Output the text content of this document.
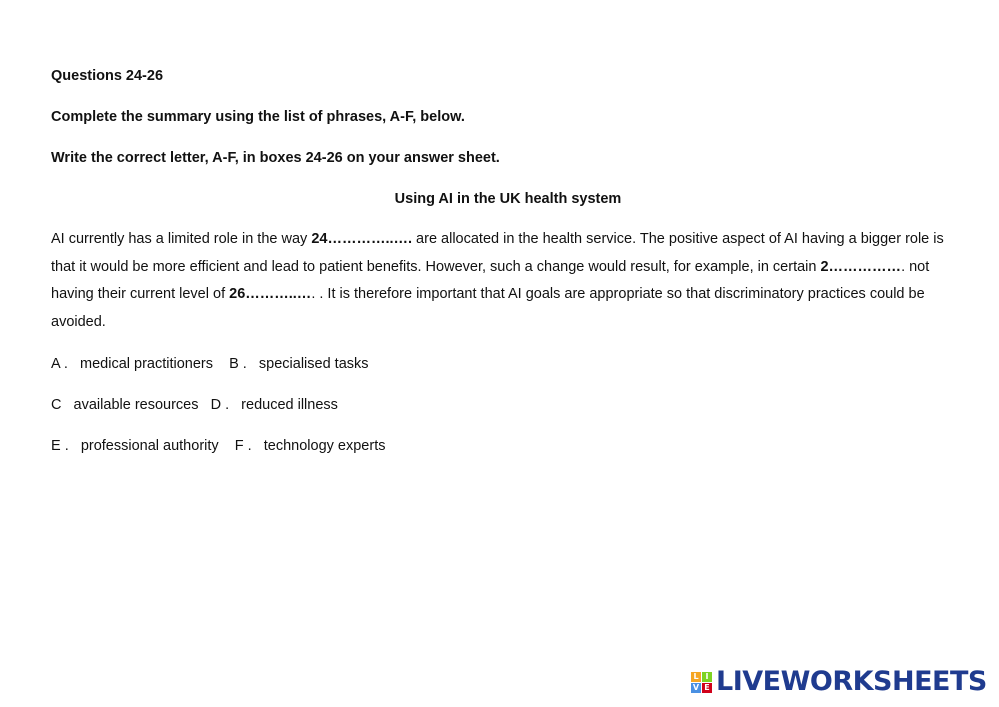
Questions 24-26
Complete the summary using the list of phrases, A-F, below.
Write the correct letter, A-F, in boxes 24-26 on your answer sheet.
Using AI in the UK health system
AI currently has a limited role in the way 24…………..…. are allocated in the health service. The positive aspect of AI having a bigger role is that it would be more efficient and lead to patient benefits. However, such a change would result, for example, in certain 2……………. not having their current level of 26………..…. . It is therefore important that AI goals are appropriate so that discriminatory practices could be avoided.
A .   medical practitioners    B .   specialised tasks
C   available resources   D .   reduced illness
E .   professional authority    F .   technology experts
L I
V E LIVEWORKSHEETS
